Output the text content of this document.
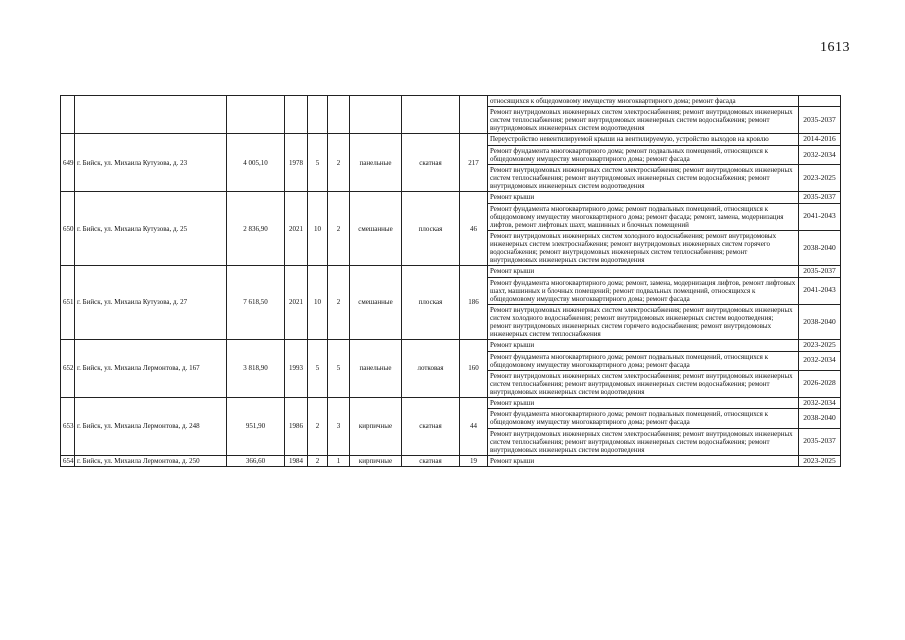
1613
									относящихся к общедомовому имуществу многоквартирного дома; ремонт фасада	
									Ремонт внутридомовых инженерных систем электроснабжения; ремонт внутридомовых инженерных систем теплоснабжения; ремонт внутридомовых инженерных систем водоснабжения; ремонт внутридомовых инженерных систем водоотведения	2035-2037
649	г. Бийск, ул. Михаила Кутузова, д. 23	4 005,10	1978	5	2	панельные	скатная	217	Переустройство невентилируемой крыши на вентилируемую, устройство выходов на кровлю	2014-2016
									Ремонт фундамента многоквартирного дома; ремонт подвальных помещений, относящихся к общедомовому имуществу многоквартирного дома; ремонт фасада	2032-2034
									Ремонт внутридомовых инженерных систем электроснабжения; ремонт внутридомовых инженерных систем теплоснабжения; ремонт внутридомовых инженерных систем водоснабжения; ремонт внутридомовых инженерных систем водоотведения	2023-2025
650	г. Бийск, ул. Михаила Кутузова, д. 25	2 836,90	2021	10	2	смешанные	плоская	46	Ремонт крыши	2035-2037
									Ремонт фундамента многоквартирного дома; ремонт подвальных помещений, относящихся к общедомовому имуществу многоквартирного дома; ремонт фасада; ремонт, замена, модернизация лифтов, ремонт лифтовых шахт, машинных и блочных помещений	2041-2043
									Ремонт внутридомовых инженерных систем холодного водоснабжения; ремонт внутридомовых инженерных систем электроснабжения; ремонт внутридомовых инженерных систем горячего водоснабжения; ремонт внутридомовых инженерных систем теплоснабжения; ремонт внутридомовых инженерных систем водоотведения	2038-2040
651	г. Бийск, ул. Михаила Кутузова, д. 27	7 618,50	2021	10	2	смешанные	плоская	186	Ремонт крыши	2035-2037
									Ремонт фундамента многоквартирного дома; ремонт, замена, модернизация лифтов, ремонт лифтовых шахт, машинных и блочных помещений; ремонт подвальных помещений, относящихся к общедомовому имуществу многоквартирного дома; ремонт фасада	2041-2043
									Ремонт внутридомовых инженерных систем электроснабжения; ремонт внутридомовых инженерных систем холодного водоснабжения; ремонт внутридомовых инженерных систем водоотведения; ремонт внутридомовых инженерных систем горячего водоснабжения; ремонт внутридомовых инженерных систем теплоснабжения	2038-2040
652	г. Бийск, ул. Михаила Лермонтова, д. 167	3 818,90	1993	5	5	панельные	лотковая	160	Ремонт крыши	2023-2025
									Ремонт фундамента многоквартирного дома; ремонт подвальных помещений, относящихся к общедомовому имуществу многоквартирного дома; ремонт фасада	2032-2034
									Ремонт внутридомовых инженерных систем электроснабжения; ремонт внутридомовых инженерных систем теплоснабжения; ремонт внутридомовых инженерных систем водоснабжения; ремонт внутридомовых инженерных систем водоотведения	2026-2028
653	г. Бийск, ул. Михаила Лермонтова, д. 248	951,90	1986	2	3	кирпичные	скатная	44	Ремонт крыши	2032-2034
									Ремонт фундамента многоквартирного дома; ремонт подвальных помещений, относящихся к общедомовому имуществу многоквартирного дома; ремонт фасада	2038-2040
									Ремонт внутридомовых инженерных систем электроснабжения; ремонт внутридомовых инженерных систем теплоснабжения; ремонт внутридомовых инженерных систем водоснабжения; ремонт внутридомовых инженерных систем водоотведения	2035-2037
654	г. Бийск, ул. Михаила Лермонтова, д. 250	366,60	1984	2	1	кирпичные	скатная	19	Ремонт крыши	2023-2025
